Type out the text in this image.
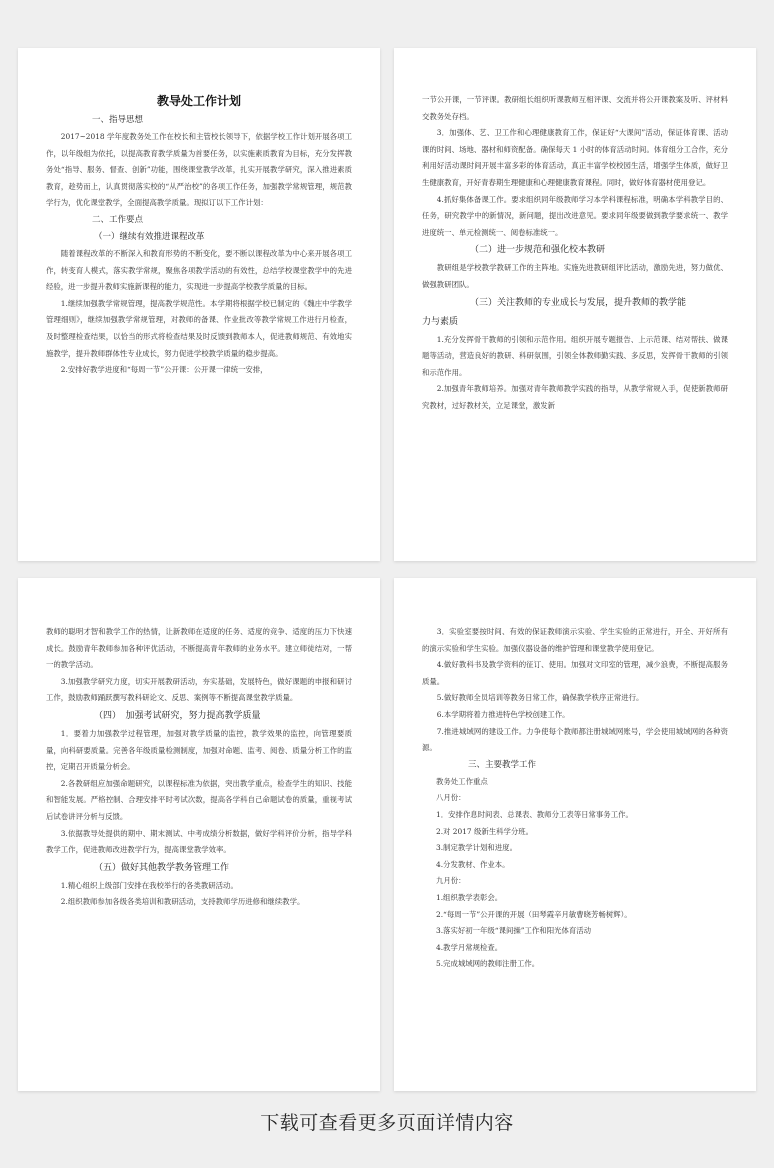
教导处工作计划
一、指导思想

2017~2018 学年度教务处工作在校长和主管校长领导下，依据学校工作计划开展各项工作，以年级组为依托，以提高教育教学质量为首要任务，以实施素质教育为目标，充分发挥教务处“指导、服务、督查、创新”功能，围绕课堂教学改革，扎实开展教学研究，深入推进素质教育，趁势而上，认真贯彻落实校的“从严治校”的各项工作任务，加强教学常规管理，规范教学行为，优化课堂教学，全面提高教学质量。现拟订以下工作计划：

二、工作要点
（一）继续有效推进课程改革

随着课程改革的不断深入和教育形势的不断变化，要不断以课程改革为中心来开展各项工作，转变育人模式，落实教学常规，聚焦各项教学活动的有效性，总结学校课堂教学中的先进经验，进一步提升教师实施新课程的能力，实现进一步提高学校教学质量的目标。

1.继续加强教学常规管理，提高教学规范性。本学期将根据学校已制定的《魏庄中学教学管理细则》，继续加强教学常规管理，对教师的备课、作业批改等教学常规工作进行月检查，及时整理检查结果，以恰当的形式将检查结果及时反馈到教师本人，促进教师规范、有效地实施教学，提升教师群体性专业成长，努力促进学校教学质量的稳步提高。

2.安排好教学进度和“每周一节”公开课：公开课一律统一安排，

一节公开课，一节评课。教研组长组织听课教师互相评课、交流并将公开课教案及听、评材料交教务处存档。

3．加强体、艺、卫工作和心理健康教育工作，保证好“大课间”活动，保证体育课、活动课的时间、场地、器材和师资配备。确保每天 1 小时的体育活动时间。体育组分工合作，充分利用好活动课时间开展丰富多彩的体育活动，真正丰富学校校园生活，增强学生体质，做好卫生健康教育，开好青春期生理健康和心理健康教育课程。同时，做好体育器材使用登记。

4.抓好集体备课工作。要求组织同年级教师学习本学科课程标准，明确本学科教学目的、任务，研究教学中的新情况，新问题，提出改进意见。要求同年级要做到教学要求统一、教学进度统一、单元检测统一、阅卷标准统一。

（二）进一步规范和强化校本教研

教研组是学校教学教研工作的主阵地。实施先进教研组评比活动，激励先进，努力做优、做强教研团队。

（三）关注教师的专业成长与发展，提升教师的教学能
力与素质

1.充分发挥骨干教师的引领和示范作用。组织开展专题报告、上示范课、结对帮扶、做课题等活动，营造良好的教研、科研氛围，引领全体教师勤实践、多反思，发挥骨干教师的引领和示范作用。

2.加强青年教师培养。加强对青年教师教学实践的指导，从教学常规入手，促使新教师研究教材，过好教材关，立足课堂，激发新

教师的聪明才智和教学工作的热情，让新教师在适度的任务、适度的竞争、适度的压力下快速成长。鼓励青年教师参加各种评优活动，不断提高青年教师的业务水平。建立师徒结对，一帮一的教学活动。

3.加强教学研究力度，切实开展教研活动，夯实基础，发展特色，做好课题的申报和研讨工作，鼓励教师踊跃撰写教科研论文、反思、案例等不断提高课堂教学质量。

（四）　加强考试研究，努力提高教学质量

1．要着力加强教学过程管理，加强对教学质量的监控，教学效果的监控，向管理要质量，向科研要质量。完善各年级质量检测制度，加强对命题、监考、阅卷、质量分析工作的监控，定期召开质量分析会。

2.各教研组应加强命题研究，以课程标准为依据，突出教学重点，检查学生的知识、技能和智能发展。严格控制、合理安排平时考试次数，提高各学科自己命题试卷的质量，重视考试后试卷讲评分析与反馈。

3.依据教导处提供的期中、期末测试、中考成绩分析数据，做好学科评价分析，指导学科教学工作，促进教师改进教学行为，提高课堂教学效率。

（五）做好其他教学教务管理工作

1.精心组织上级部门安排在我校举行的各类教研活动。

2.组织教师参加各级各类培训和教研活动，支持教师学历进修和继续教学。

3．实验室要按时间、有效的保证教师演示实验、学生实验的正常进行，开全、开好所有的演示实验和学生实验。加强仪器设备的维护管理和课堂教学使用登记。

4.做好教科书及教学资料的征订、使用。加强对文印室的管理，减少浪费，不断提高服务质量。

5.做好教师全员培训等教务日常工作，确保教学秩序正常进行。

6.本学期将着力推进特色学校创建工作。

7.推进城域网的建设工作。力争使每个教师都注册城域网账号，学会使用城域网的各种资源。

三、主要教学工作
教务处工作重点
八月份：
1．安排作息时间表、总课表、教师分工表等日常事务工作。
2.对 2017 级新生科学分班。
3.制定教学计划和进度。
4.分发教材、作业本。
九月份：
1.组织教学表彰会。
2.“每周一节”公开课的开展（田琴霞辛月敏曹晓芳畅树辉）。
3.落实好初一年级“课间操”工作和阳光体育活动
4.教学月常规检查。
5.完成城域网的教师注册工作。
下载可查看更多页面详情内容
